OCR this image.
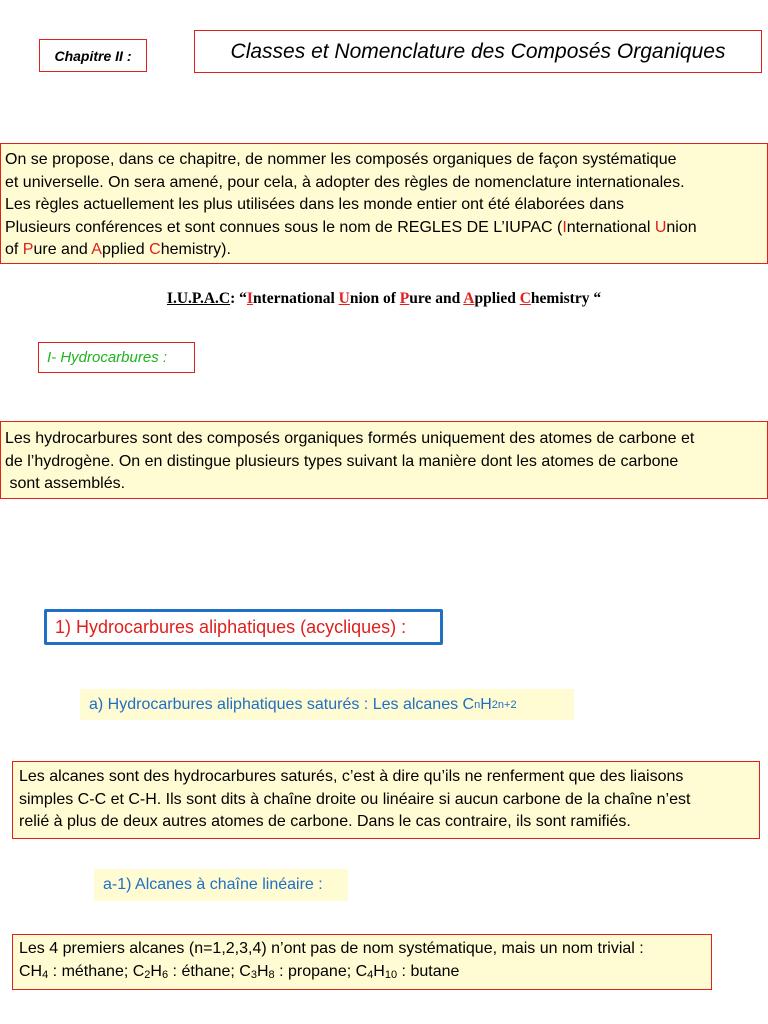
Chapitre II :	Classes et Nomenclature des Composés Organiques
On se propose, dans ce chapitre, de nommer les composés organiques de façon systématique
et universelle. On sera amené, pour cela, à adopter des règles de nomenclature internationales.
Les règles actuellement les plus utilisées dans les monde entier ont été élaborées dans
Plusieurs conférences et sont connues sous le nom de REGLES DE L’IUPAC (International Union
of Pure and Applied Chemistry).
I.U.P.A.C: “International Union of Pure and Applied Chemistry “
I- Hydrocarbures :
Les hydrocarbures sont des composés organiques formés uniquement des atomes de carbone et
de l’hydrogène. On en distingue plusieurs types suivant la manière dont les atomes de carbone
sont assemblés.
1) Hydrocarbures aliphatiques (acycliques) :
a) Hydrocarbures aliphatiques saturés : Les alcanes C n H 2n+2
Les alcanes sont des hydrocarbures saturés, c’est à dire qu’ils ne renferment que des liaisons
simples C-C et C-H. Ils sont dits à chaîne droite ou linéaire si aucun carbone de la chaîne n’est
relié à plus de deux autres atomes de carbone. Dans le cas contraire, ils sont ramifiés.
a-1) Alcanes à chaîne linéaire :
Les 4 premiers alcanes (n=1,2,3,4) n’ont pas de nom systématique, mais un nom trivial :
$CH_4$ : méthane; $C_2H_6$ : éthane; $C_3H_8$ : propane; $C_4H_{10}$ : butane
